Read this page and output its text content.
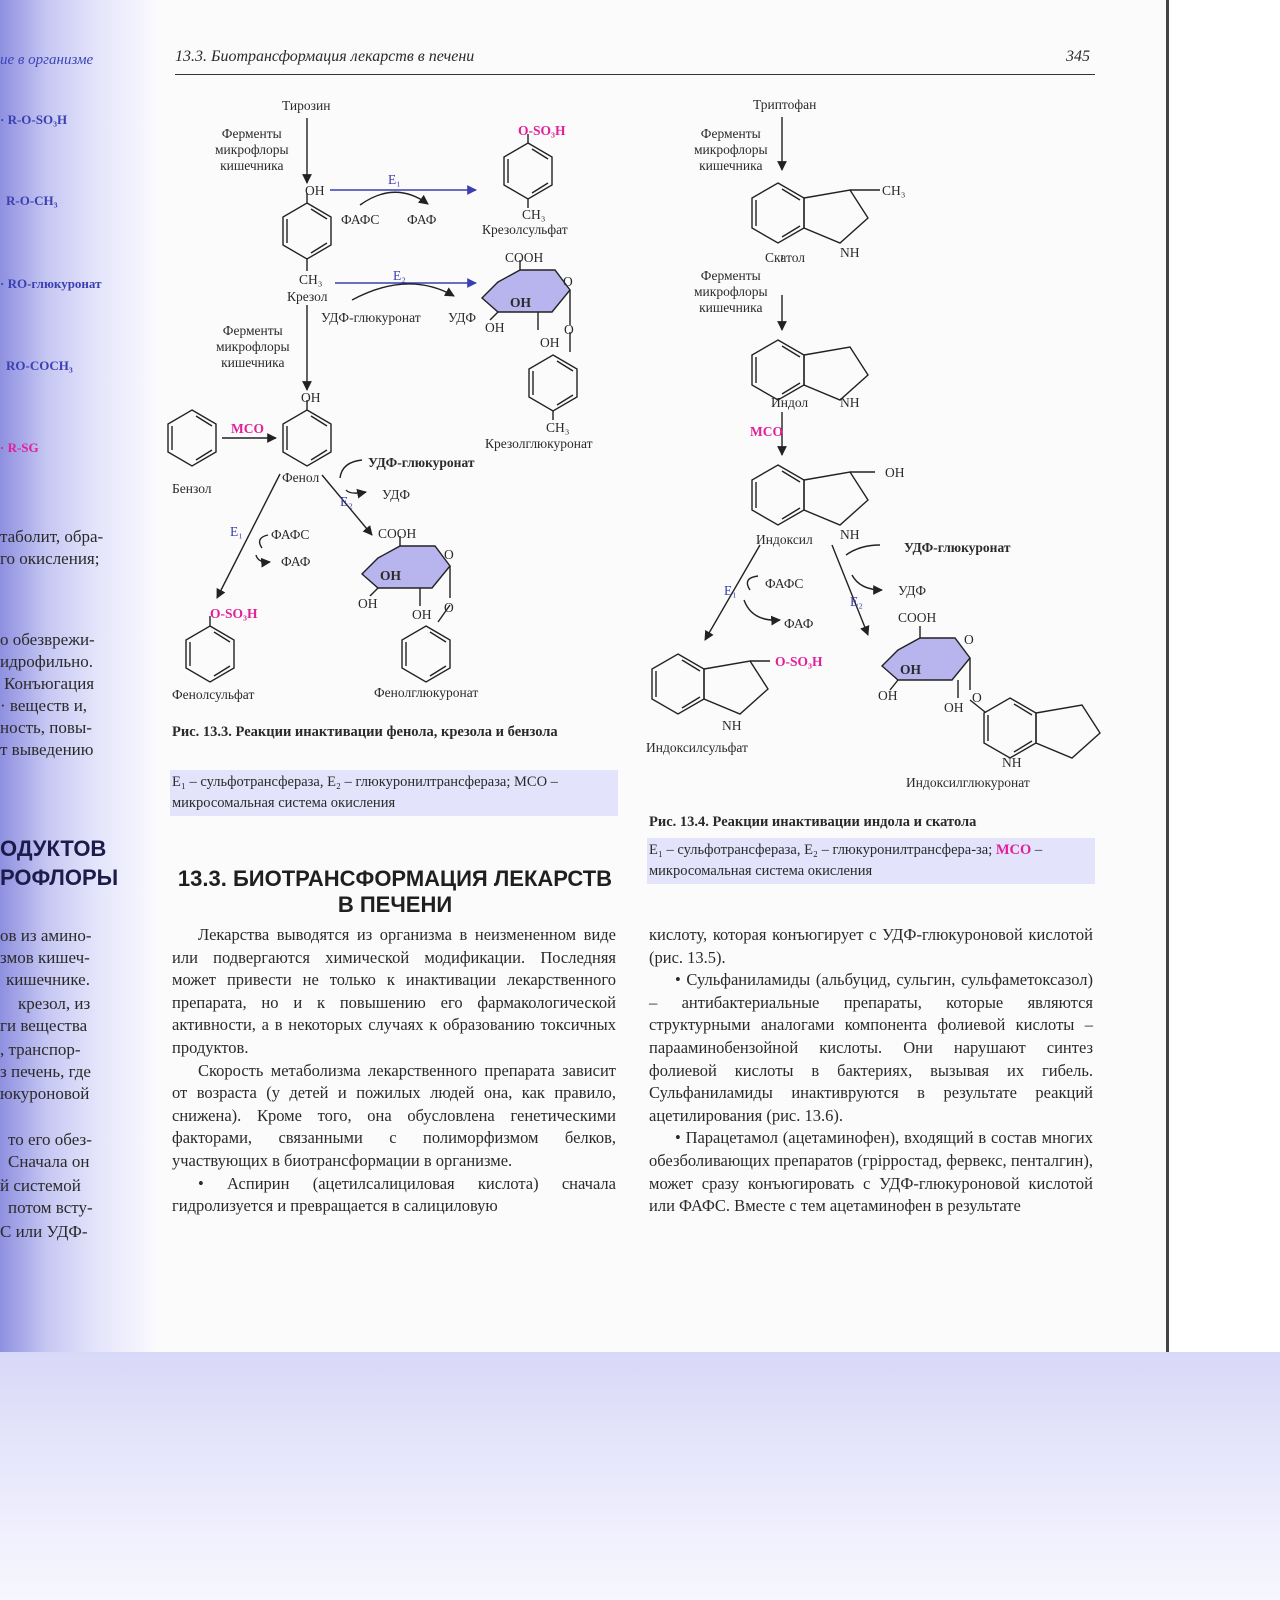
ие в организме
· R-O-SO₃H
R-O-CH₃
· RO-глюкуронат
RO-COCH₃
· R-SG
таболит, обра-
го окисления;
о обезврежи-
идрофильно.
Конъюгация
· веществ и,
ность, повы-
т выведению
ОДУКТОВ
РОФЛОРЫ
ов из амино-
змов кишеч-
кишечнике.
крезол, из
ги вещества
, транспор-
з печень, где
юкуроновой
то его обез-
Сначала он
й системой
потом всту-
С или УДФ-
13.3. Биотрансформация лекарств в печени	345
Тирозин
Ферменты
микрофлоры
кишечника
OH
E₁
ФАФС ФАФ
O-SO₃H
CH₃
Крезолсульфат
CH₃
Крезол
E₂
УДФ-глюкуронат УДФ
COOH
O
OH
OH
OH
O
CH₃
Крезолглюкуронат
Ферменты
микрофлоры
кишечника
OH
МСО
Бензол
Фенол
УДФ-глюкуронат
УДФ
E₂
E₁ ФАФС
ФАФ
COOH
O
OH
OH
OH O
O-SO₃H
Фенолсульфат	Фенолглюкуронат
Рис. 13.3. Реакции инактивации фенола, крезола и бензола
E₁ – сульфотрансфераза, E₂ – глюкуронилтрансфераза; МСО – микросомальная система окисления
Триптофан
Ферменты
микрофлоры
кишечника
CH₃
Скатол	NH
Ферменты
микрофлоры
кишечника
Индол NH
МСО
OH
Индоксил NH
УДФ-глюкуронат
УДФ
E₁ ФАФС
E₂
ФАФ	COOH
O
OH
OH
OH
O
O-SO₃H
NH
Индоксилсульфат
NH
Индоксилглюкуронат
Рис. 13.4. Реакции инактивации индола и скатола
E₁ – сульфотрансфераза, E₂ – глюкуронилтрансфера-за; МСО – микросомальная система окисления
13.3. БИОТРАНСФОРМАЦИЯ ЛЕКАРСТВ
В ПЕЧЕНИ

Лекарства выводятся из организма в неизмененном виде или подвергаются химической модификации. Последняя может привести не только к инактивации лекарственного препарата, но и к повышению его фармакологической активности, а в некоторых случаях к образованию токсичных продуктов.

Скорость метаболизма лекарственного препарата зависит от возраста (у детей и пожилых людей она, как правило, снижена). Кроме того, она обусловлена генетическими факторами, связанными с полиморфизмом белков, участвующих в биотрансформации в организме.

• Аспирин (ацетилсалициловая кислота) сначала гидролизуется и превращается в салициловую

кислоту, которая конъюгирует с УДФ-глюкуроновой кислотой (рис. 13.5).

• Сульфаниламиды (альбуцид, сульгин, сульфаметоксазол) – антибактериальные препараты, которые являются структурными аналогами компонента фолиевой кислоты – парааминобензойной кислоты. Они нарушают синтез фолиевой кислоты в бактериях, вызывая их гибель. Сульфаниламиды инактивруются в результате реакций ацетилирования (рис. 13.6).

• Парацетамол (ацетаминофен), входящий в состав многих обезболивающих препаратов (грippостад, фервекс, пенталгин), может сразу конъюгировать с УДФ-глюкуроновой кислотой или ФАФС. Вместе с тем ацетаминофен в результате
